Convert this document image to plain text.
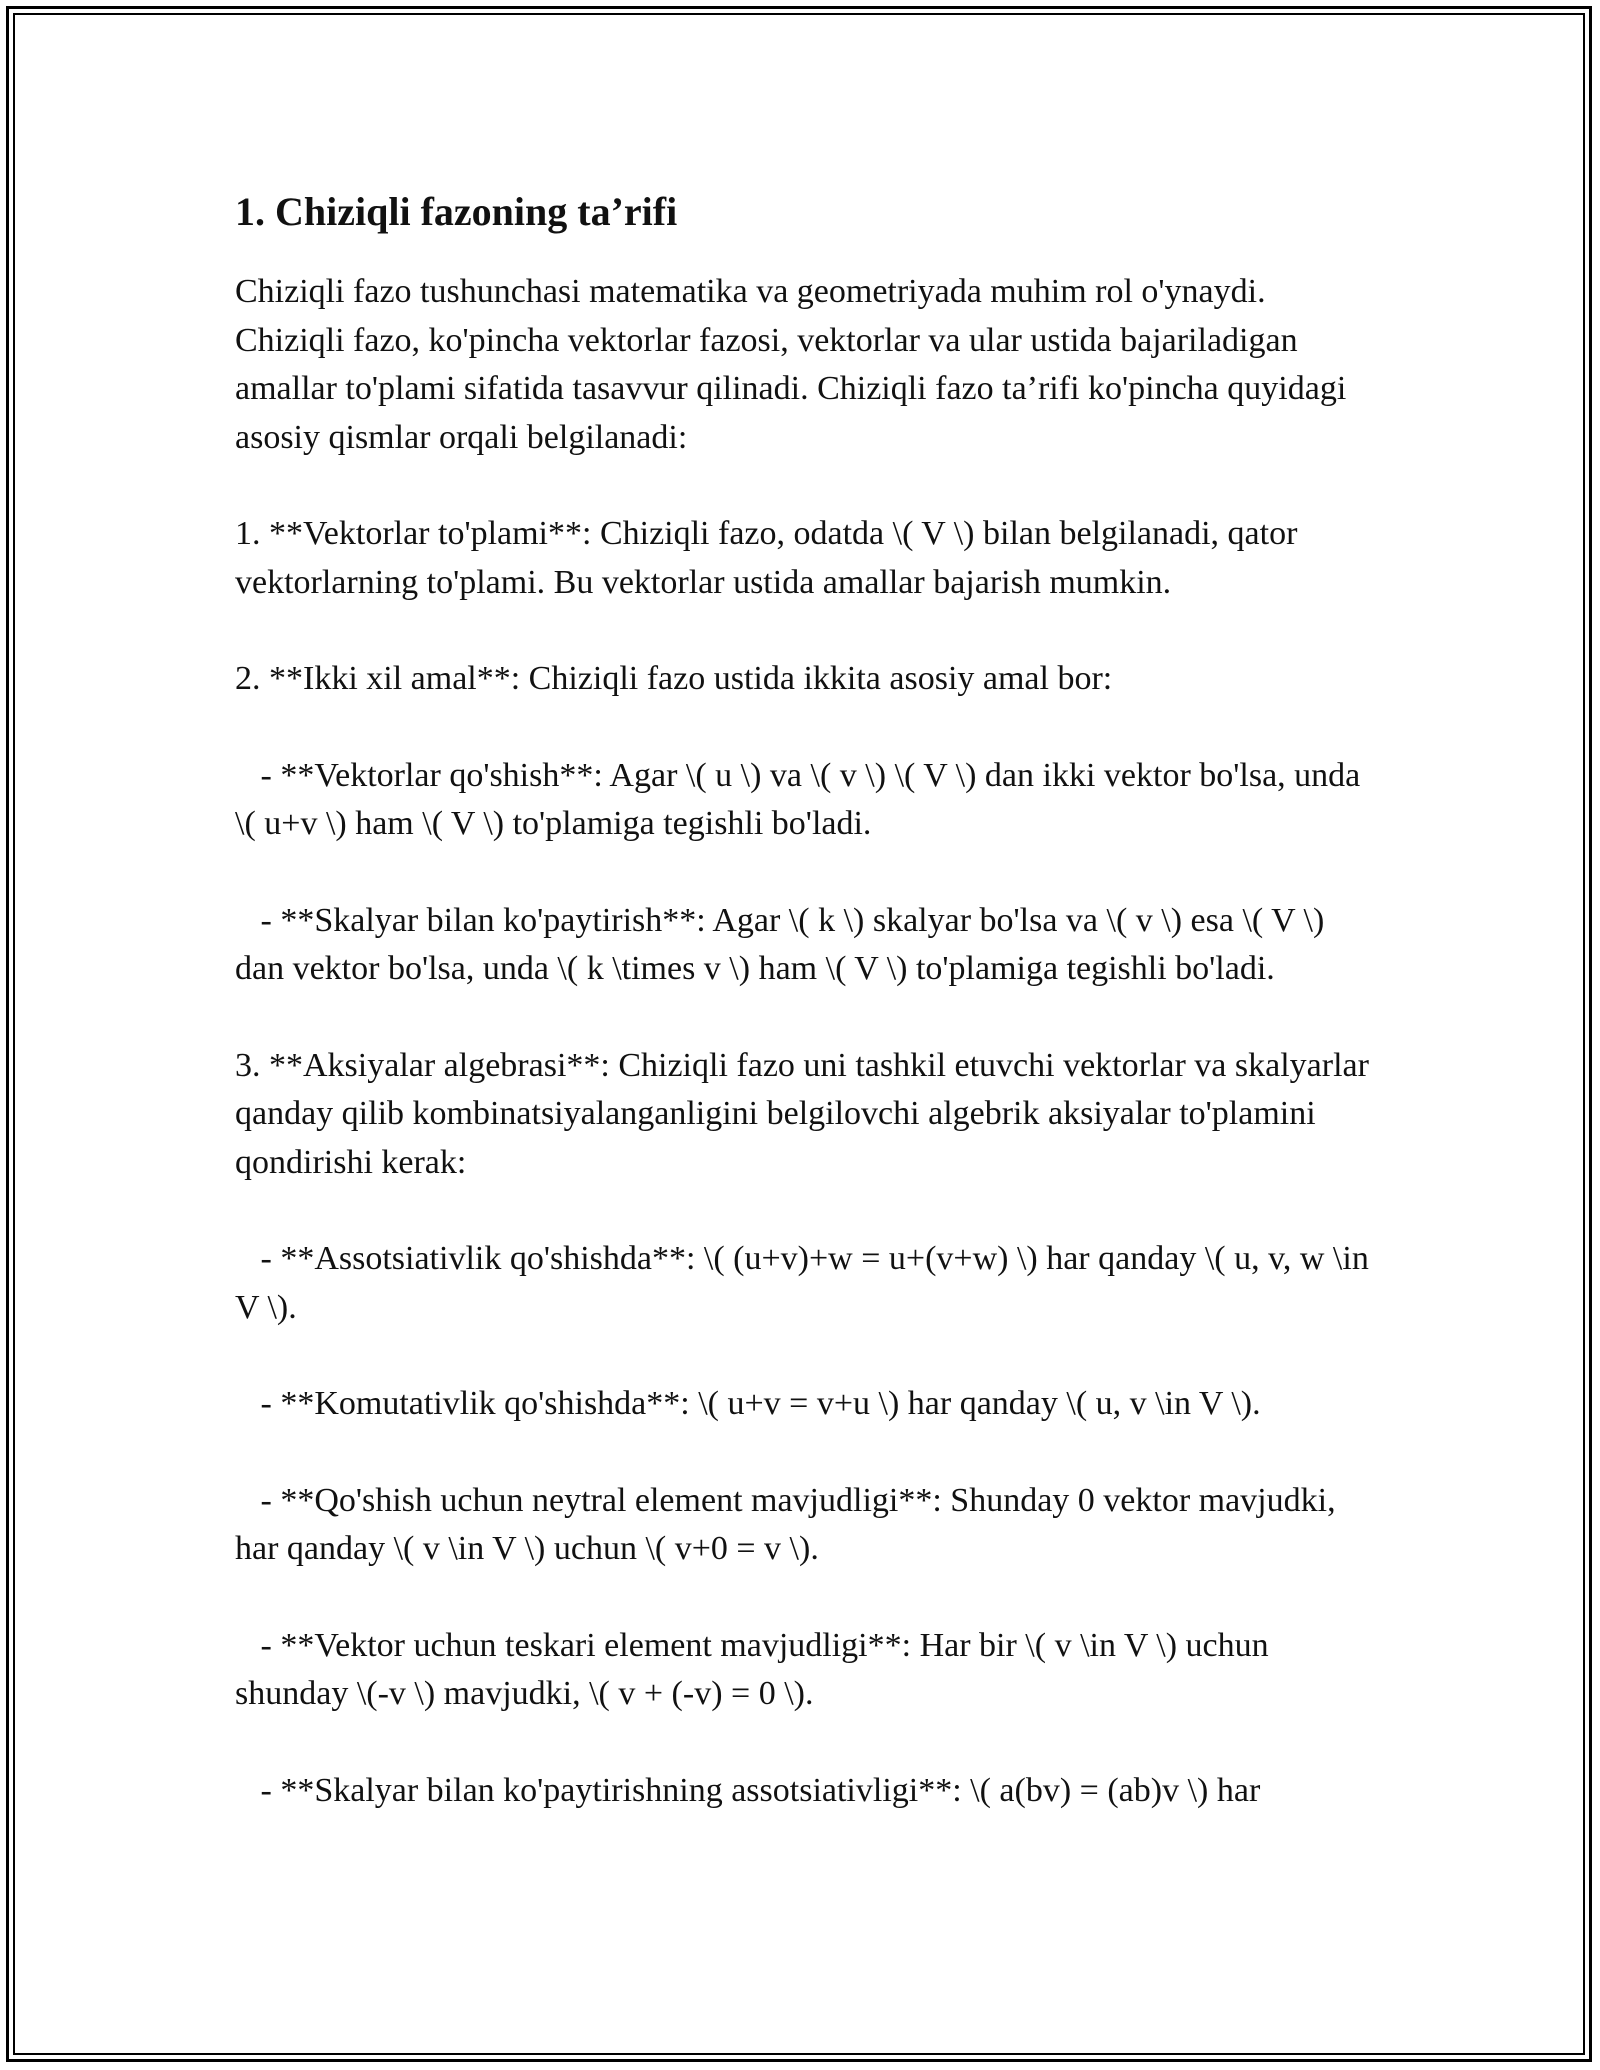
1. Chiziqli fazoning ta’rifi

Chiziqli fazo tushunchasi matematika va geometriyada muhim rol o'ynaydi. Chiziqli fazo, ko'pincha vektorlar fazosi, vektorlar va ular ustida bajariladigan amallar to'plami sifatida tasavvur qilinadi. Chiziqli fazo ta’rifi ko'pincha quyidagi asosiy qismlar orqali belgilanadi:

1. **Vektorlar to'plami**: Chiziqli fazo, odatda \( V \) bilan belgilanadi, qator vektorlarning to'plami. Bu vektorlar ustida amallar bajarish mumkin.

2. **Ikki xil amal**: Chiziqli fazo ustida ikkita asosiy amal bor:

- **Vektorlar qo'shish**: Agar \( u \) va \( v \) \( V \) dan ikki vektor bo'lsa, unda \( u+v \) ham \( V \) to'plamiga tegishli bo'ladi.

- **Skalyar bilan ko'paytirish**: Agar \( k \) skalyar bo'lsa va \( v \) esa \( V \) dan vektor bo'lsa, unda \( k \times v \) ham \( V \) to'plamiga tegishli bo'ladi.

3. **Aksiyalar algebrasi**: Chiziqli fazo uni tashkil etuvchi vektorlar va skalyarlar qanday qilib kombinatsiyalanganligini belgilovchi algebrik aksiyalar to'plamini qondirishi kerak:

- **Assotsiativlik qo'shishda**: \( (u+v)+w = u+(v+w) \) har qanday \( u, v, w \in V \).

- **Komutativlik qo'shishda**: \( u+v = v+u \) har qanday \( u, v \in V \).

- **Qo'shish uchun neytral element mavjudligi**: Shunday 0 vektor mavjudki, har qanday \( v \in V \) uchun \( v+0 = v \).

- **Vektor uchun teskari element mavjudligi**: Har bir \( v \in V \) uchun shunday \(-v \) mavjudki, \( v + (-v) = 0 \).

- **Skalyar bilan ko'paytirishning assotsiativligi**: \( a(bv) = (ab)v \) har
